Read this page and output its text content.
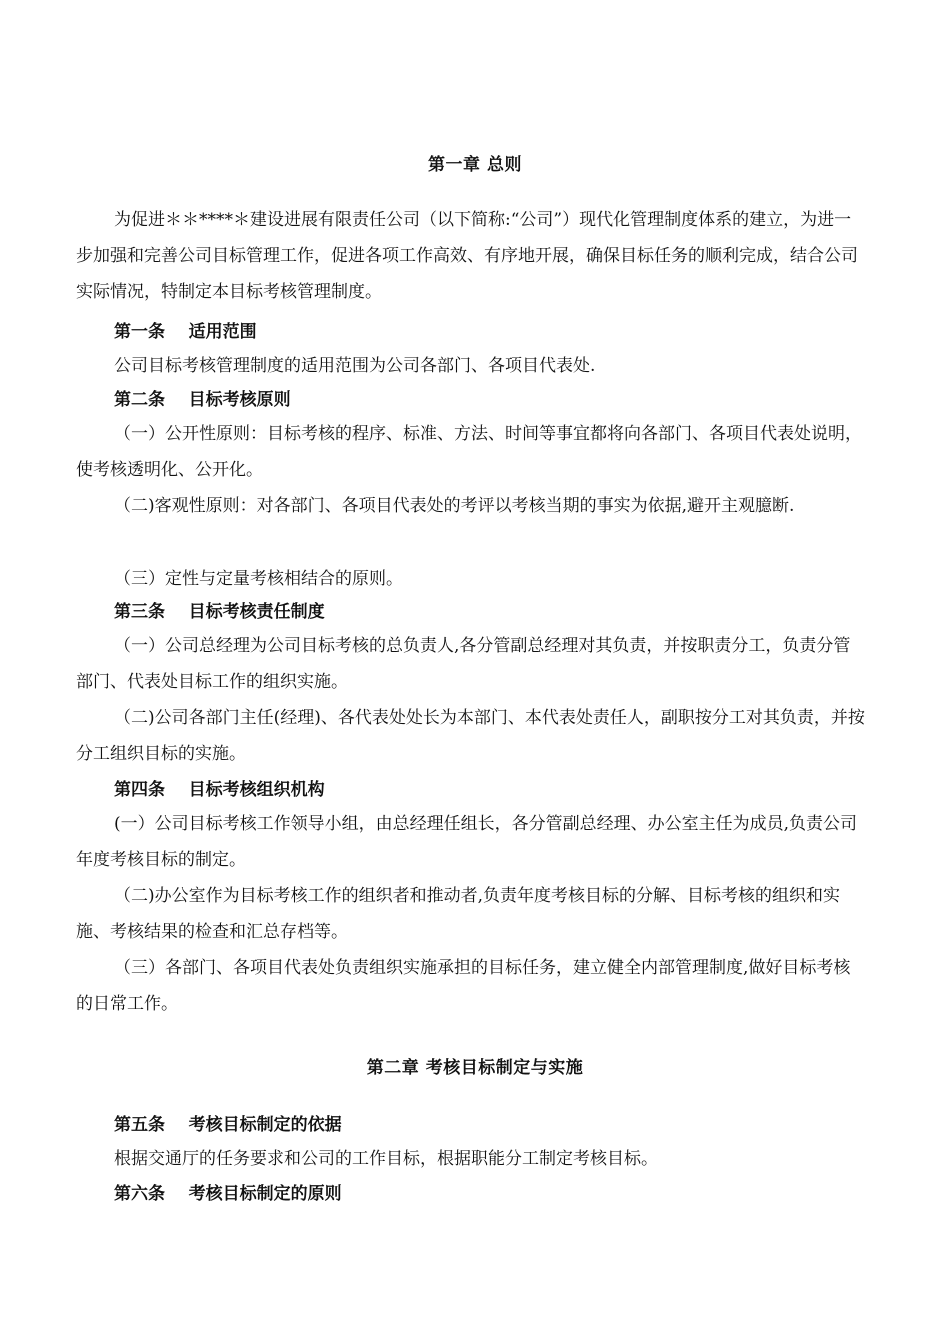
第一章 总则
为促进＊＊****＊建设进展有限责任公司（以下简称:“公司”）现代化管理制度体系的建立，为进一步加强和完善公司目标管理工作，促进各项工作高效、有序地开展，确保目标任务的顺利完成，结合公司实际情况，特制定本目标考核管理制度。
第一条    适用范围
公司目标考核管理制度的适用范围为公司各部门、各项目代表处.
第二条    目标考核原则
（一）公开性原则：目标考核的程序、标准、方法、时间等事宜都将向各部门、各项目代表处说明，使考核透明化、公开化。
（二)客观性原则：对各部门、各项目代表处的考评以考核当期的事实为依据,避开主观臆断.
（三）定性与定量考核相结合的原则。
第三条    目标考核责任制度
（一）公司总经理为公司目标考核的总负责人,各分管副总经理对其负责，并按职责分工，负责分管部门、代表处目标工作的组织实施。
（二)公司各部门主任(经理)、各代表处处长为本部门、本代表处责任人，副职按分工对其负责，并按分工组织目标的实施。
第四条    目标考核组织机构
(一）公司目标考核工作领导小组，由总经理任组长，各分管副总经理、办公室主任为成员,负责公司年度考核目标的制定。
（二)办公室作为目标考核工作的组织者和推动者,负责年度考核目标的分解、目标考核的组织和实施、考核结果的检查和汇总存档等。
（三）各部门、各项目代表处负责组织实施承担的目标任务，建立健全内部管理制度,做好目标考核的日常工作。
第二章 考核目标制定与实施
第五条    考核目标制定的依据
根据交通厅的任务要求和公司的工作目标，根据职能分工制定考核目标。
第六条    考核目标制定的原则
